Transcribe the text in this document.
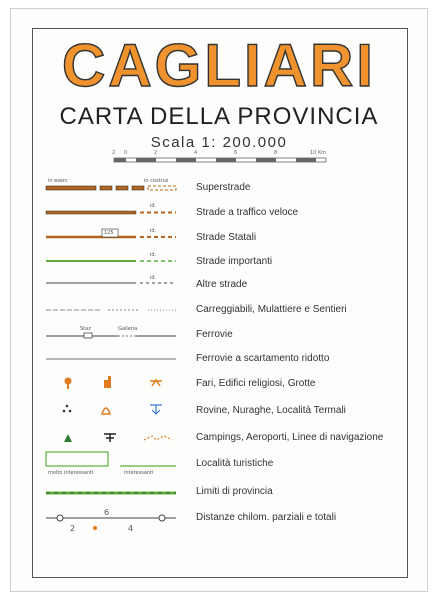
CAGLIARI
CARTA DELLA PROVINCIA
Scala 1: 200.000
2 0	2	4	6	8	10 Km
in eserc	in costruz
id.
125	id.
id.
id.
Staz	Galleria
molto interessanti	interessanti
6
2	4
Superstrade
Strade a traffico veloce
Strade Statali
Strade importanti
Altre strade
Carreggiabili, Mulattiere e Sentieri
Ferrovie
Ferrovie a scartamento ridotto
Fari, Edifici religiosi, Grotte
Rovine, Nuraghe, Località Termali
Campings, Aeroporti, Linee di navigazione
Località turistiche
Limiti di provincia
Distanze chilom. parziali e totali
